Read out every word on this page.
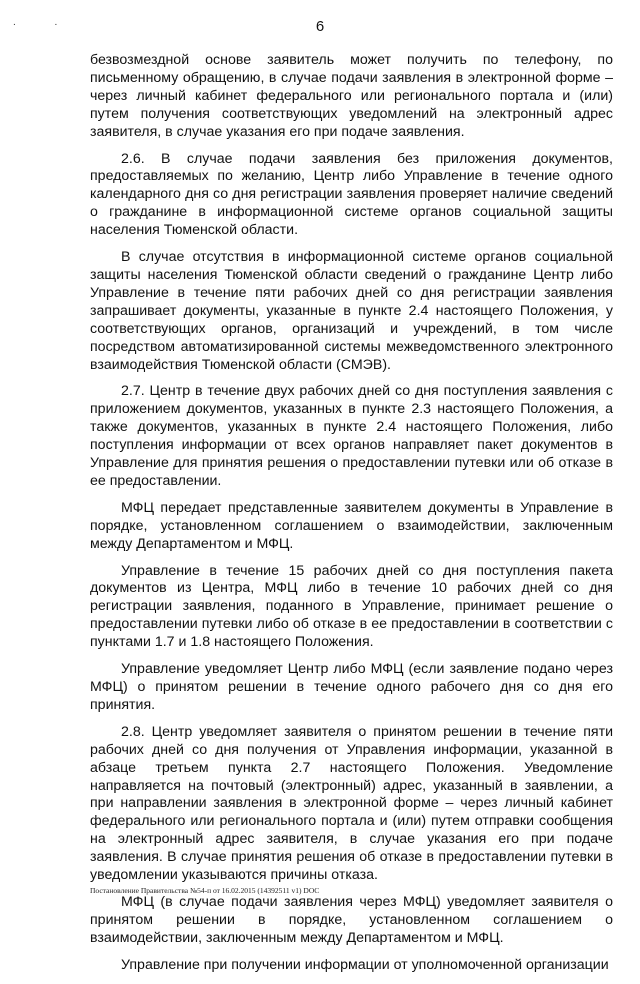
. .	6

безвозмездной основе заявитель может получить по телефону, по письменному обращению, в случае подачи заявления в электронной форме – через личный кабинет федерального или регионального портала и (или) путем получения соответствующих уведомлений на электронный адрес заявителя, в случае указания его при подаче заявления.

2.6. В случае подачи заявления без приложения документов, предоставляемых по желанию, Центр либо Управление в течение одного календарного дня со дня регистрации заявления проверяет наличие сведений о гражданине в информационной системе органов социальной защиты населения Тюменской области.

В случае отсутствия в информационной системе органов социальной защиты населения Тюменской области сведений о гражданине Центр либо Управление в течение пяти рабочих дней со дня регистрации заявления запрашивает документы, указанные в пункте 2.4 настоящего Положения, у соответствующих органов, организаций и учреждений, в том числе посредством автоматизированной системы межведомственного электронного взаимодействия Тюменской области (СМЭВ).

2.7. Центр в течение двух рабочих дней со дня поступления заявления с приложением документов, указанных в пункте 2.3 настоящего Положения, а также документов, указанных в пункте 2.4 настоящего Положения, либо поступления информации от всех органов направляет пакет документов в Управление для принятия решения о предоставлении путевки или об отказе в ее предоставлении.

МФЦ передает представленные заявителем документы в Управление в порядке, установленном соглашением о взаимодействии, заключенным между Департаментом и МФЦ.

Управление в течение 15 рабочих дней со дня поступления пакета документов из Центра, МФЦ либо в течение 10 рабочих дней со дня регистрации заявления, поданного в Управление, принимает решение о предоставлении путевки либо об отказе в ее предоставлении в соответствии с пунктами 1.7 и 1.8 настоящего Положения.

Управление уведомляет Центр либо МФЦ (если заявление подано через МФЦ) о принятом решении в течение одного рабочего дня со дня его принятия.

2.8. Центр уведомляет заявителя о принятом решении в течение пяти рабочих дней со дня получения от Управления информации, указанной в абзаце третьем пункта 2.7 настоящего Положения. Уведомление направляется на почтовый (электронный) адрес, указанный в заявлении, а при направлении заявления в электронной форме – через личный кабинет федерального или регионального портала и (или) путем отправки сообщения на электронный адрес заявителя, в случае указания его при подаче заявления. В случае принятия решения об отказе в предоставлении путевки в уведомлении указываются причины отказа.

МФЦ (в случае подачи заявления через МФЦ) уведомляет заявителя о принятом решении в порядке, установленном соглашением о взаимодействии, заключенным между Департаментом и МФЦ.

Управление при получении информации от уполномоченной организации

Постановление Правительства №54-п от 16.02.2015 (14392511 v1) DOC
